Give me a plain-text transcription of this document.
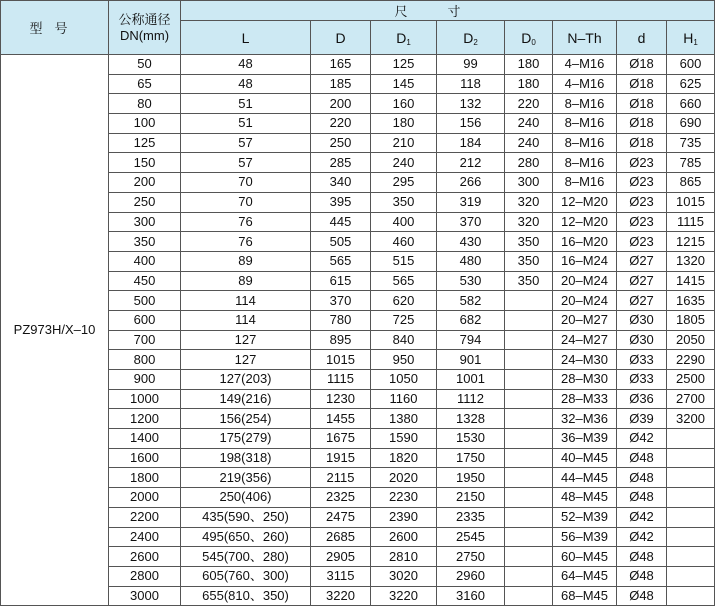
型号	公称通径
DN(mm)	尺寸							
		L	D	$D_1$	$D_2$	$D_0$	N–Th	d	$H_1$
PZ973H/X–10	50	48	165	125	99	180	4–M16	Ø18	600
	65	48	185	145	118	180	4–M16	Ø18	625
	80	51	200	160	132	220	8–M16	Ø18	660
	100	51	220	180	156	240	8–M16	Ø18	690
	125	57	250	210	184	240	8–M16	Ø18	735
	150	57	285	240	212	280	8–M16	Ø23	785
	200	70	340	295	266	300	8–M16	Ø23	865
	250	70	395	350	319	320	12–M20	Ø23	1015
	300	76	445	400	370	320	12–M20	Ø23	1115
	350	76	505	460	430	350	16–M20	Ø23	1215
	400	89	565	515	480	350	16–M24	Ø27	1320
	450	89	615	565	530	350	20–M24	Ø27	1415
	500	114	370	620	582		20–M24	Ø27	1635
	600	114	780	725	682		20–M27	Ø30	1805
	700	127	895	840	794		24–M27	Ø30	2050
	800	127	1015	950	901		24–M30	Ø33	2290
	900	127(203)	1115	1050	1001		28–M30	Ø33	2500
	1000	149(216)	1230	1160	1112		28–M33	Ø36	2700
	1200	156(254)	1455	1380	1328		32–M36	Ø39	3200
	1400	175(279)	1675	1590	1530		36–M39	Ø42	
	1600	198(318)	1915	1820	1750		40–M45	Ø48	
	1800	219(356)	2115	2020	1950		44–M45	Ø48	
	2000	250(406)	2325	2230	2150		48–M45	Ø48	
	2200	435(590、250)	2475	2390	2335		52–M39	Ø42	
	2400	495(650、260)	2685	2600	2545		56–M39	Ø42	
	2600	545(700、280)	2905	2810	2750		60–M45	Ø48	
	2800	605(760、300)	3115	3020	2960		64–M45	Ø48	
	3000	655(810、350)	3220	3220	3160		68–M45	Ø48	
